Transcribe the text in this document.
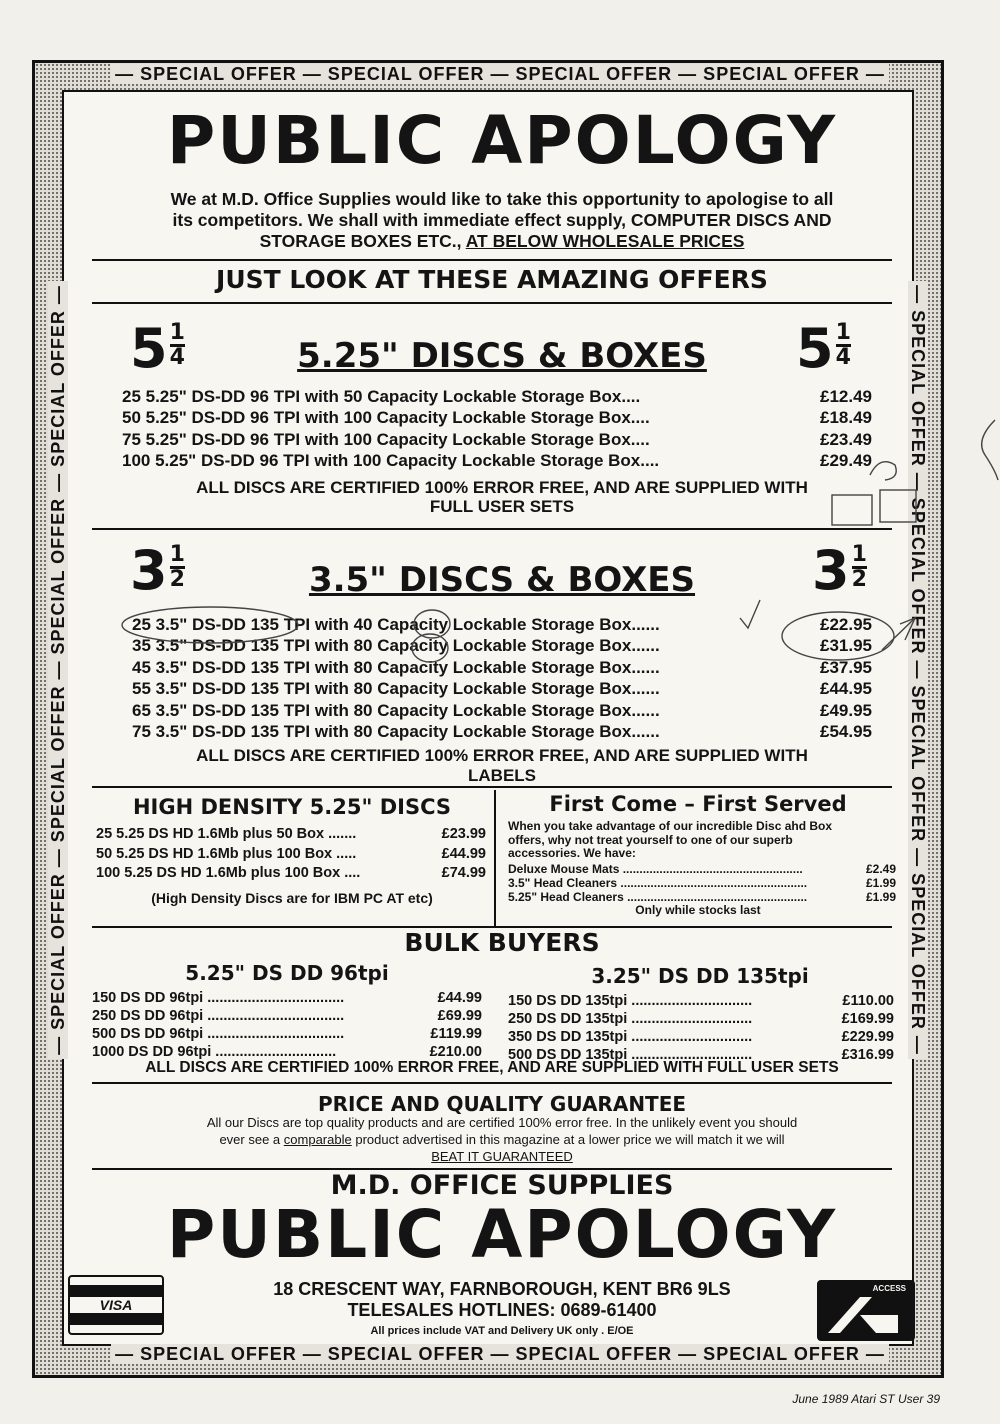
— SPECIAL OFFER — SPECIAL OFFER — SPECIAL OFFER — SPECIAL OFFER —
— SPECIAL OFFER — SPECIAL OFFER — SPECIAL OFFER — SPECIAL OFFER —
— SPECIAL OFFER — SPECIAL OFFER — SPECIAL OFFER — SPECIAL OFFER —	— SPECIAL OFFER — SPECIAL OFFER — SPECIAL OFFER — SPECIAL OFFER —
PUBLIC APOLOGY
We at M.D. Office Supplies would like to take this opportunity to apologise to all
its competitors. We shall with immediate effect supply, COMPUTER DISCS AND
STORAGE BOXES ETC., AT BELOW WHOLESALE PRICES
JUST LOOK AT THESE AMAZING OFFERS
$5 \frac{1}{4}$	$5 \frac{1}{4}$
5.25" DISCS & BOXES
25 5.25" DS-DD 96 TPI with 50 Capacity Lockable Storage Box....	£12.49
50 5.25" DS-DD 96 TPI with 100 Capacity Lockable Storage Box....	£18.49
75 5.25" DS-DD 96 TPI with 100 Capacity Lockable Storage Box....	£23.49
100 5.25" DS-DD 96 TPI with 100 Capacity Lockable Storage Box....	£29.49
ALL DISCS ARE CERTIFIED 100% ERROR FREE, AND ARE SUPPLIED WITH
FULL USER SETS
$3 \frac{1}{2}$	$3 \frac{1}{2}$
3.5" DISCS & BOXES
25 3.5" DS-DD 135 TPI with 40 Capacity Lockable Storage Box......	£22.95
35 3.5" DS-DD 135 TPI with 80 Capacity Lockable Storage Box......	£31.95
45 3.5" DS-DD 135 TPI with 80 Capacity Lockable Storage Box......	£37.95
55 3.5" DS-DD 135 TPI with 80 Capacity Lockable Storage Box......	£44.95
65 3.5" DS-DD 135 TPI with 80 Capacity Lockable Storage Box......	£49.95
75 3.5" DS-DD 135 TPI with 80 Capacity Lockable Storage Box......	£54.95
ALL DISCS ARE CERTIFIED 100% ERROR FREE, AND ARE SUPPLIED WITH
LABELS
HIGH DENSITY 5.25" DISCS
25 5.25 DS HD 1.6Mb plus 50 Box .......	£23.99
50 5.25 DS HD 1.6Mb plus 100 Box .....	£44.99
100 5.25 DS HD 1.6Mb plus 100 Box ....	£74.99
(High Density Discs are for IBM PC AT etc)
First Come – First Served
When you take advantage of our incredible Disc ahd Box
offers, why not treat yourself to one of our superb
accessories. We have:
Deluxe Mouse Mats ......................................................	£2.49
3.5" Head Cleaners ........................................................	£1.99
5.25" Head Cleaners ......................................................	£1.99
Only while stocks last
BULK BUYERS
5.25" DS DD 96tpi	3.25" DS DD 135tpi
150 DS DD 96tpi ..................................	£44.99
250 DS DD 96tpi ..................................	£69.99
500 DS DD 96tpi ..................................	£119.99
1000 DS DD 96tpi ..............................	£210.00
150 DS DD 135tpi ..............................	£110.00
250 DS DD 135tpi ..............................	£169.99
350 DS DD 135tpi ..............................	£229.99
500 DS DD 135tpi ..............................	£316.99
ALL DISCS ARE CERTIFIED 100% ERROR FREE, AND ARE SUPPLIED WITH FULL USER SETS
PRICE AND QUALITY GUARANTEE
All our Discs are top quality products and are certified 100% error free. In the unlikely event you should
ever see a comparable product advertised in this magazine at a lower price we will match it we will
BEAT IT GUARANTEED
M.D. OFFICE SUPPLIES
PUBLIC APOLOGY
18 CRESCENT WAY, FARNBOROUGH, KENT BR6 9LS
TELESALES HOTLINES: 0689-61400
All prices include VAT and Delivery UK only . E/OE
VISA
ACCESS
June 1989 Atari ST User 39
